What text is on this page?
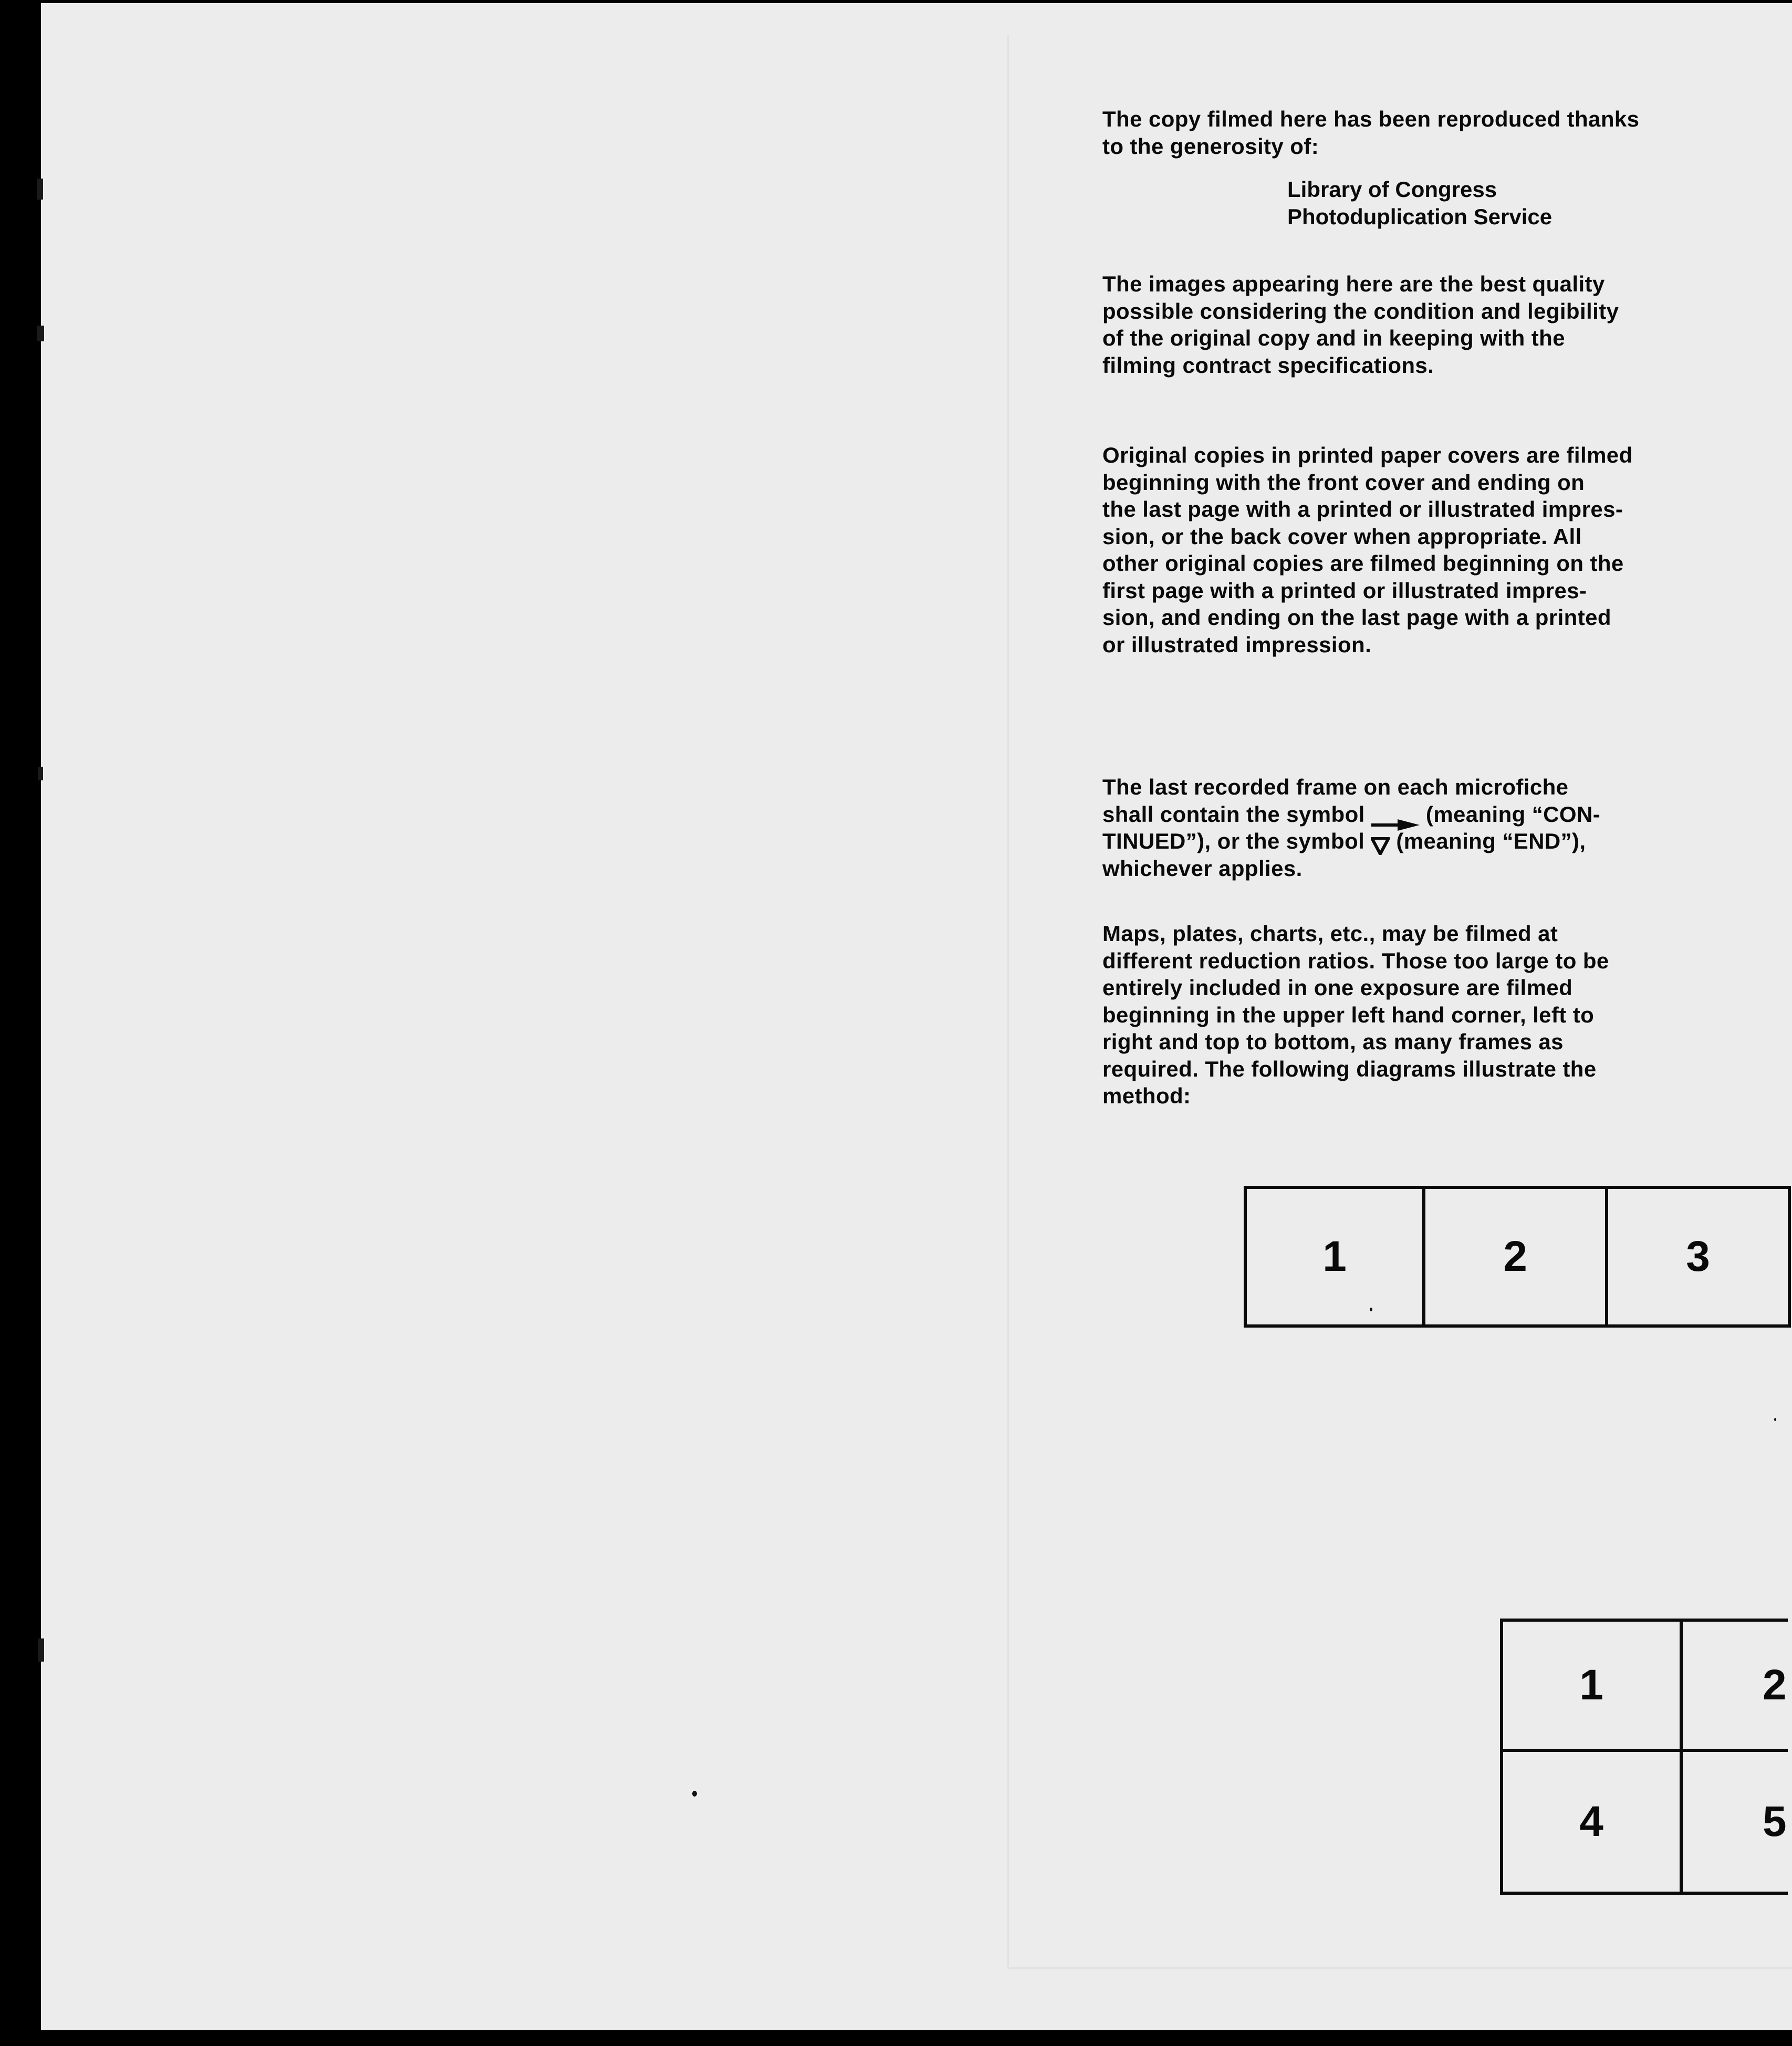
The copy filmed here has been reproduced thanks
to the generosity of:

Library of Congress
Photoduplication Service

The images appearing here are the best quality
possible considering the condition and legibility
of the original copy and in keeping with the
filming contract specifications.

Original copies in printed paper covers are filmed
beginning with the front cover and ending on
the last page with a printed or illustrated impres-
sion, or the back cover when appropriate. All
other original copies are filmed beginning on the
first page with a printed or illustrated impres-
sion, and ending on the last page with a printed
or illustrated impression.

The last recorded frame on each microfiche
shall contain the symbol  (meaning “CON-
TINUED”), or the symbol  (meaning “END”),
whichever applies.

Maps, plates, charts, etc., may be filmed at
different reduction ratios. Those too large to be
entirely included in one exposure are filmed
beginning in the upper left hand corner, left to
right and top to bottom, as many frames as
required. The following diagrams illustrate the
method:

1	2	3
1	2
4	5
